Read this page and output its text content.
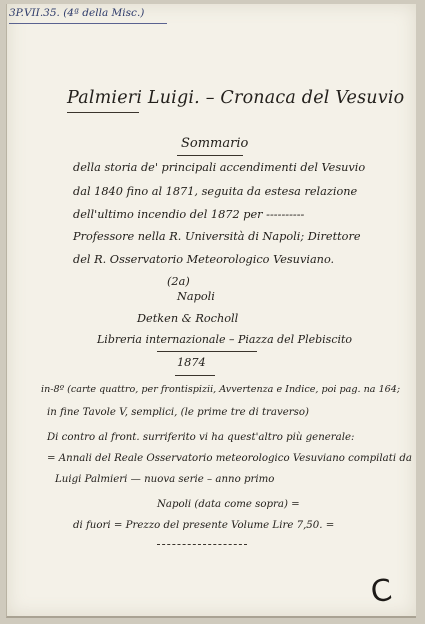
3P.VII.35. (4ª della Misc.)
Palmieri Luigi. – Cronaca del Vesuvio
Sommario
della storia de' principali accendimenti del Vesuvio
dal 1840 fino al 1871, seguita da estesa relazione
dell'ultimo incendio del 1872 per ----------
Professore nella R. Università di Napoli; Direttore
del R. Osservatorio Meteorologico Vesuviano.
(2a)
Napoli
Detken & Rocholl
Libreria internazionale – Piazza del Plebiscito
1874
in-8º (carte quattro, per frontispizii, Avvertenza e Indice, poi pag. na 164;
in fine Tavole V, semplici, (le prime tre di traverso)
Di contro al front. surriferito vi ha quest'altro più generale:
= Annali del Reale Osservatorio meteorologico Vesuviano compilati da
Luigi Palmieri — nuova serie – anno primo
Napoli (data come sopra) =
di fuori = Prezzo del presente Volume Lire 7,50. =
C
